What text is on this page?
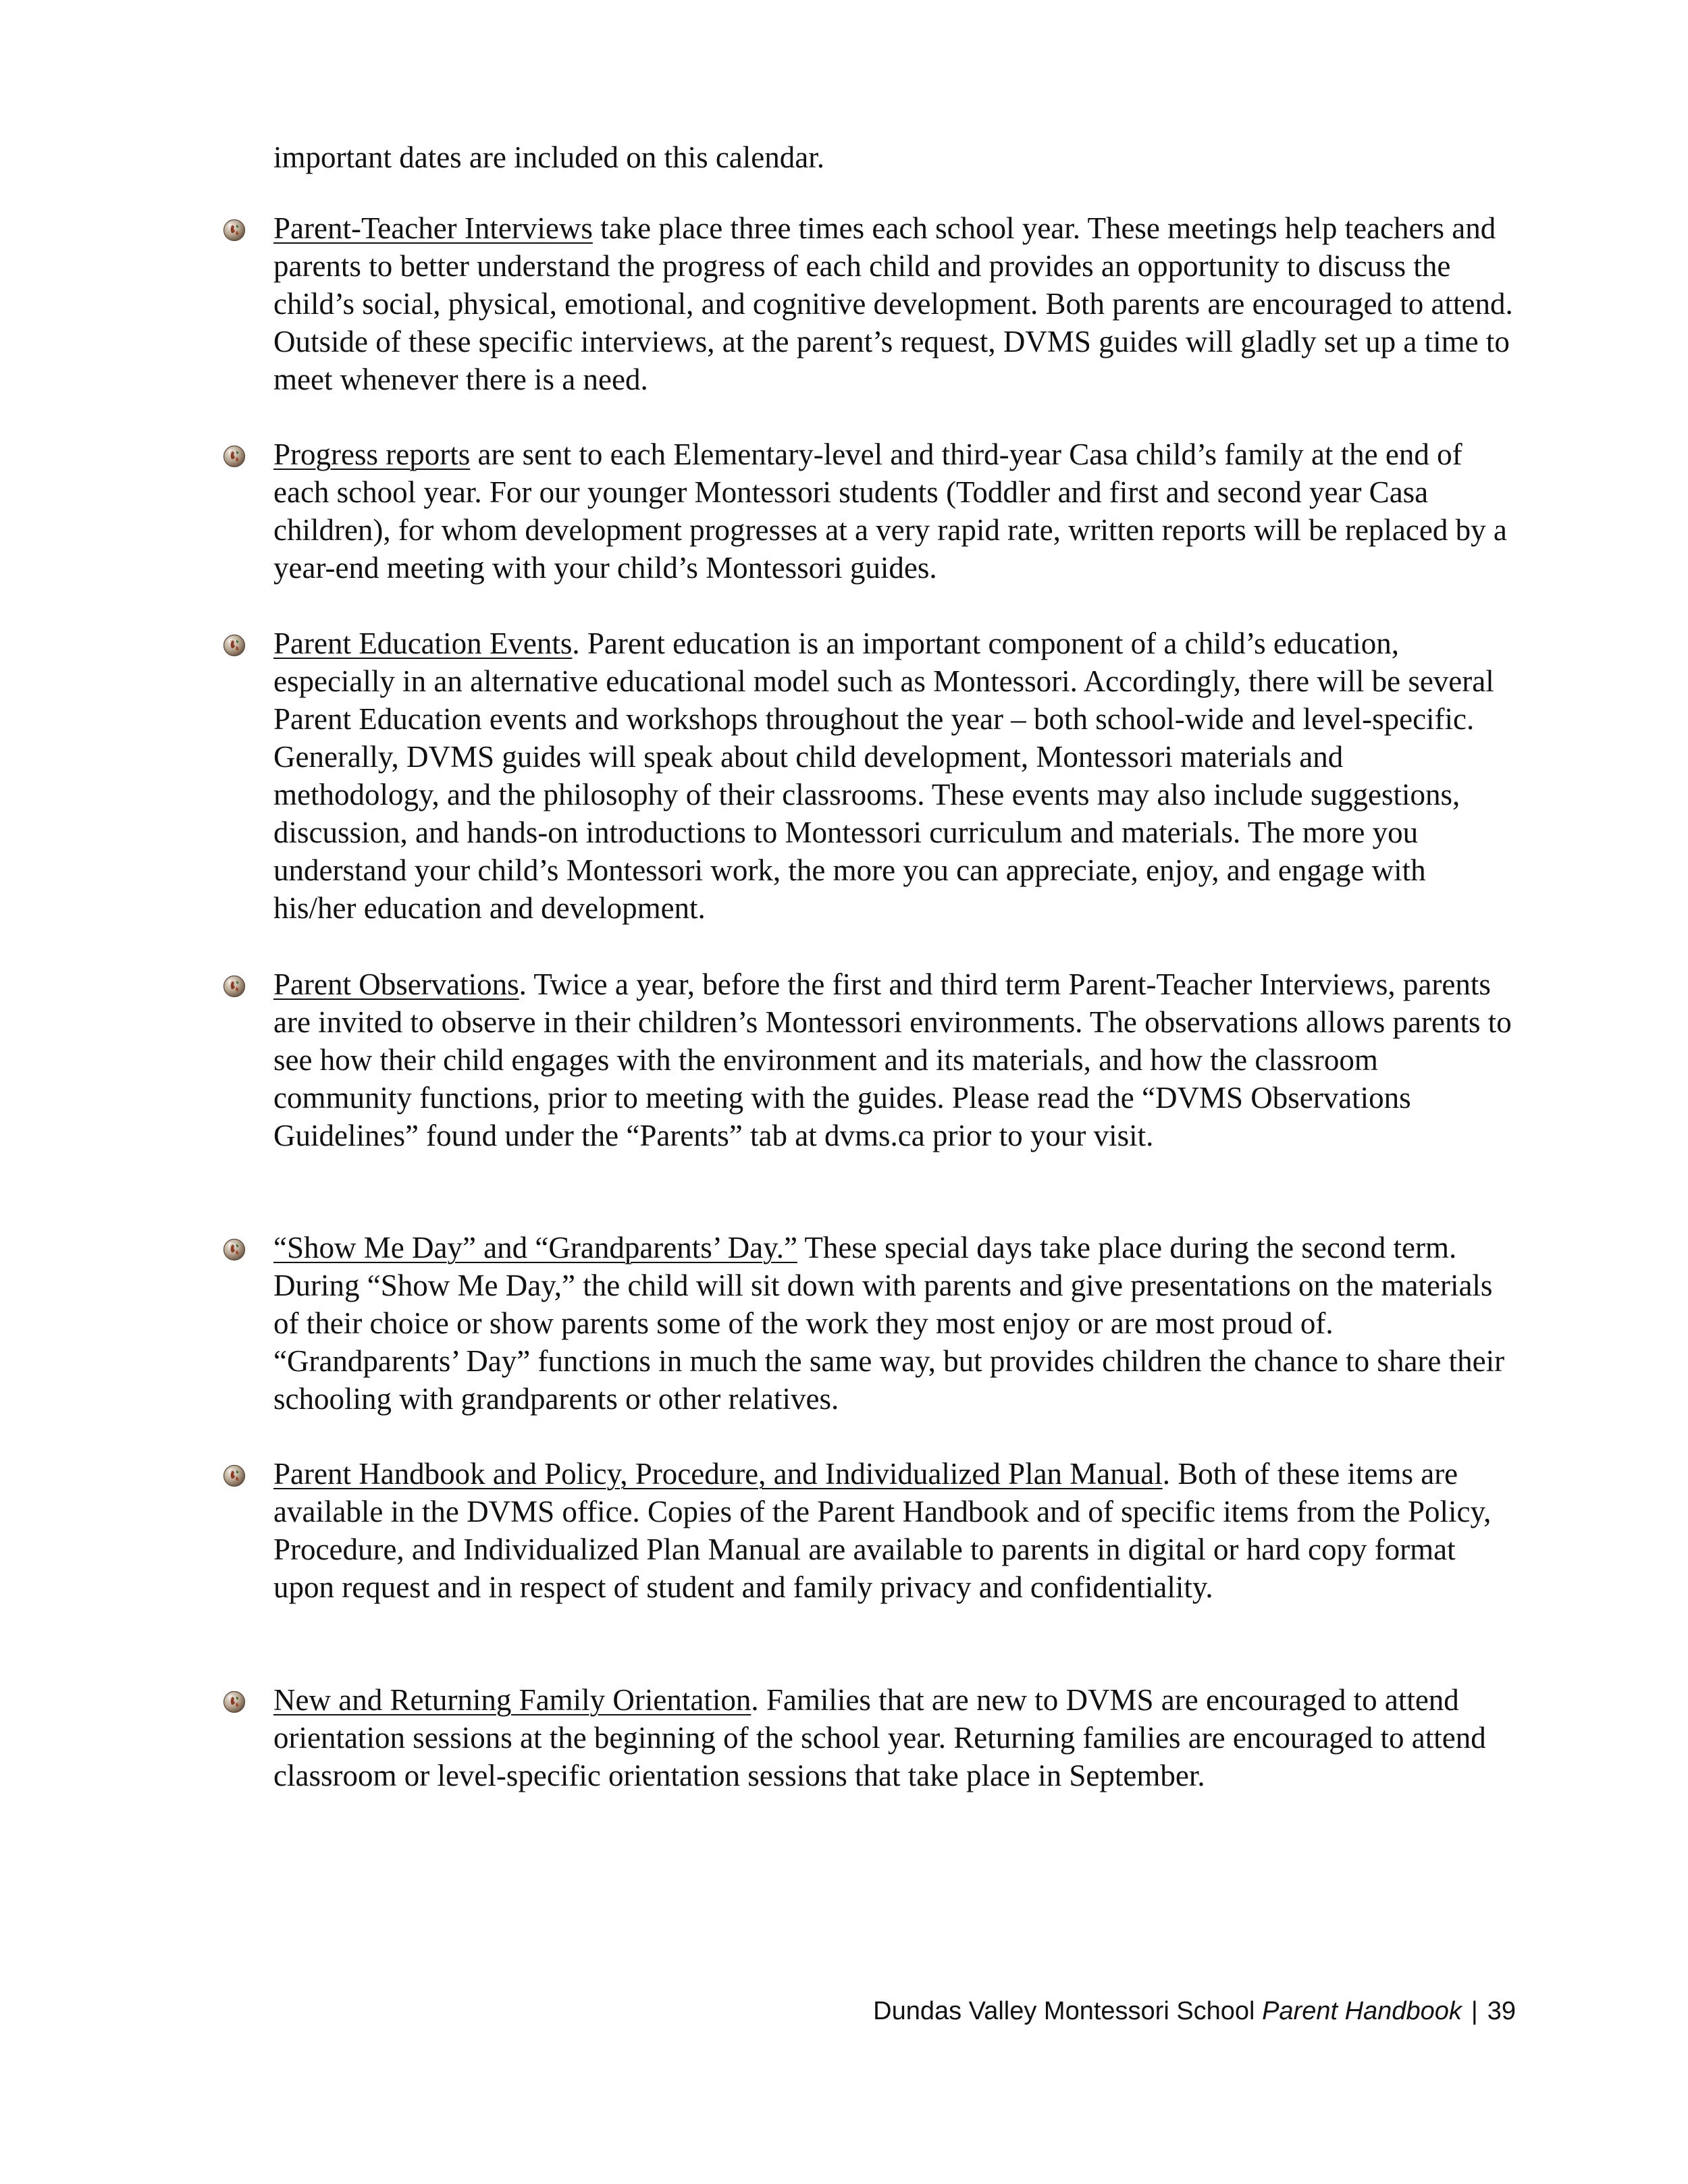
important dates are included on this calendar.

Parent-Teacher Interviews take place three times each school year. These meetings help teachers and parents to better understand the progress of each child and provides an opportunity to discuss the child’s social, physical, emotional, and cognitive development. Both parents are encouraged to attend. Outside of these specific interviews, at the parent’s request, DVMS guides will gladly set up a time to meet whenever there is a need.

Progress reports are sent to each Elementary-level and third-year Casa child’s family at the end of each school year. For our younger Montessori students (Toddler and first and second year Casa children), for whom development progresses at a very rapid rate, written reports will be replaced by a year-end meeting with your child’s Montessori guides.

Parent Education Events. Parent education is an important component of a child’s education, especially in an alternative educational model such as Montessori. Accordingly, there will be several Parent Education events and workshops throughout the year – both school-wide and level-specific. Generally, DVMS guides will speak about child development, Montessori materials and methodology, and the philosophy of their classrooms. These events may also include suggestions, discussion, and hands-on introductions to Montessori curriculum and materials. The more you understand your child’s Montessori work, the more you can appreciate, enjoy, and engage with his/her education and development.

Parent Observations. Twice a year, before the first and third term Parent-Teacher Interviews, parents are invited to observe in their children’s Montessori environments. The observations allows parents to see how their child engages with the environment and its materials, and how the classroom community functions, prior to meeting with the guides. Please read the “DVMS Observations Guidelines” found under the “Parents” tab at dvms.ca prior to your visit.

“Show Me Day” and “Grandparents’ Day.” These special days take place during the second term. During “Show Me Day,” the child will sit down with parents and give presentations on the materials of their choice or show parents some of the work they most enjoy or are most proud of. “Grandparents’ Day” functions in much the same way, but provides children the chance to share their schooling with grandparents or other relatives.

Parent Handbook and Policy, Procedure, and Individualized Plan Manual. Both of these items are available in the DVMS office. Copies of the Parent Handbook and of specific items from the Policy, Procedure, and Individualized Plan Manual are available to parents in digital or hard copy format upon request and in respect of student and family privacy and confidentiality.

New and Returning Family Orientation. Families that are new to DVMS are encouraged to attend orientation sessions at the beginning of the school year. Returning families are encouraged to attend classroom or level-specific orientation sessions that take place in September.

Dundas Valley Montessori School Parent Handbook | 39
